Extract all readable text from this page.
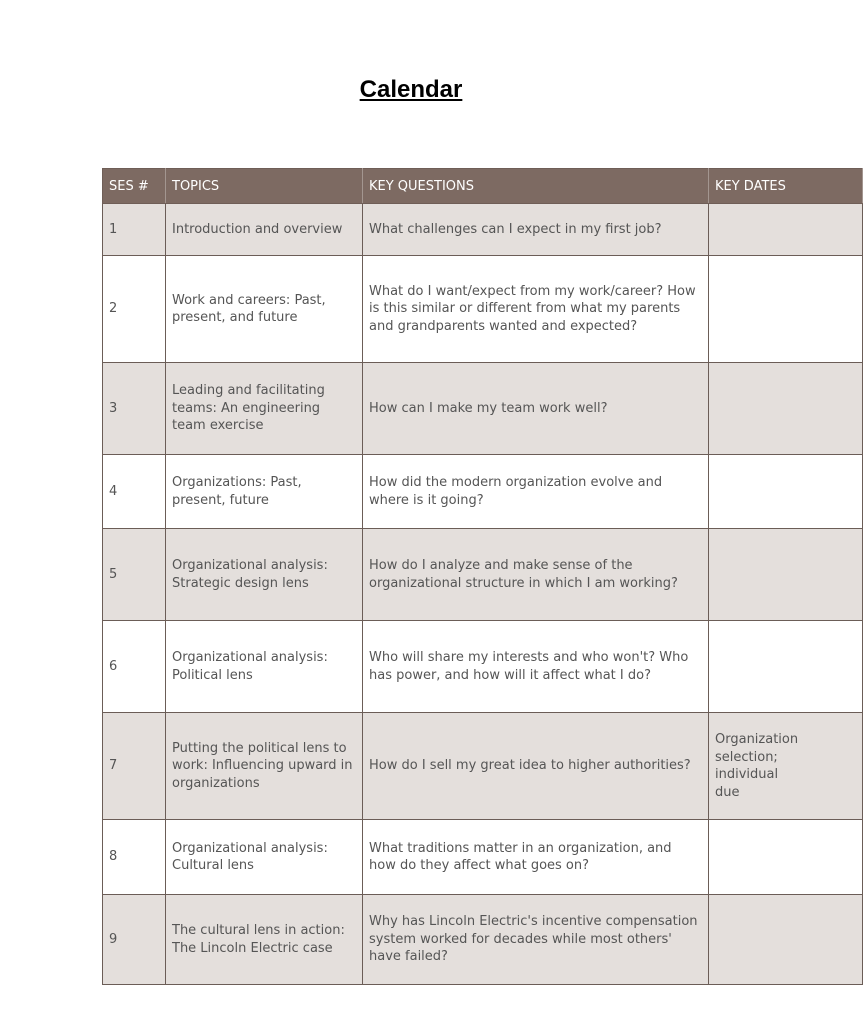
Calendar
SES #	TOPICS	KEY QUESTIONS	KEY DATES
1	Introduction and overview	What challenges can I expect in my first job?	
2	Work and careers: Past, present, and future	What do I want/expect from my work/career? How is this similar or different from what my parents and grandparents wanted and expected?	
3	Leading and facilitating teams: An engineering team exercise	How can I make my team work well?	
4	Organizations: Past, present, future	How did the modern organization evolve and where is it going?	
5	Organizational analysis: Strategic design lens	How do I analyze and make sense of the organizational structure in which I am working?	
6	Organizational analysis: Political lens	Who will share my interests and who won't? Who has power, and how will it affect what I do?	
7	Putting the political lens to work: Influencing upward in organizations	How do I sell my great idea to higher authorities?	Organization
selection;
individual
due

8	Organizational analysis: Cultural lens	What traditions matter in an organization, and how do they affect what goes on?	
9	The cultural lens in action: The Lincoln Electric case	Why has Lincoln Electric's incentive compensation system worked for decades while most others' have failed?	
